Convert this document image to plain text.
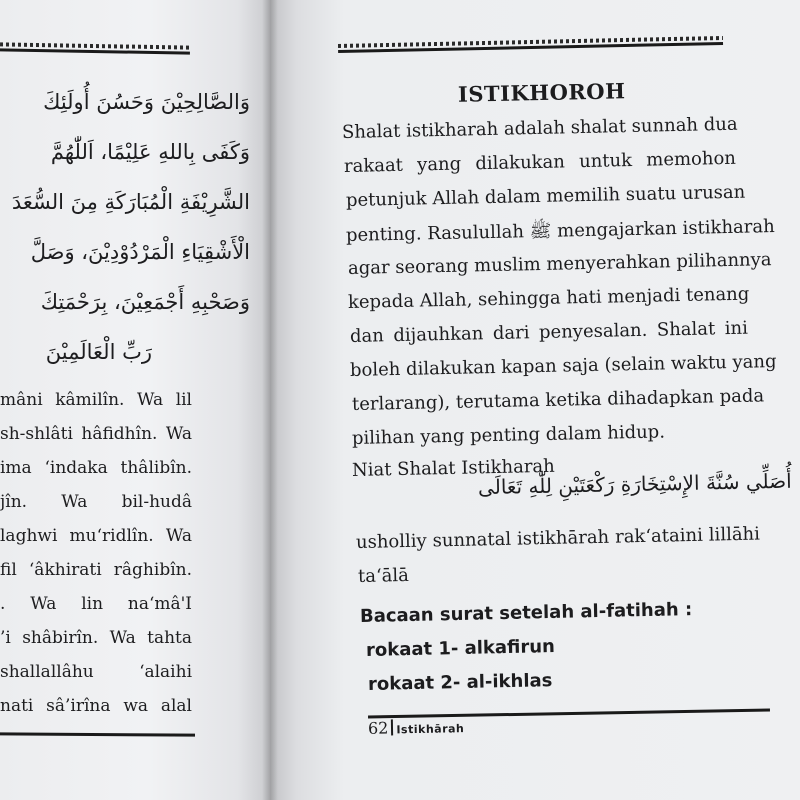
وَالصَّالِحِيْنَ وَحَسُنَ أُولَئِكَ
وَكَفَى بِاللهِ عَلِيْمًا، اَللّٰهُمَّ
الشَّرِيْفَةِ الْمُبَارَكَةِ مِنَ السُّعَدَ
الْأَشْقِيَاءِ الْمَرْدُوْدِيْنَ، وَصَلَّ
وَصَحْبِهِ أَجْمَعِيْنَ، بِرَحْمَتِكَ
رَبِّ الْعَالَمِيْنَ
mâni kâmilîn. Wa lil
sh-shlâti hâfidhîn. Wa
ima ‘indaka thâlibîn.
jîn. Wa bil-hudâ
laghwi mu‘ridlîn. Wa
fil ‘âkhirati râghibîn.
. Wa lin na‘mâ'I
’i shâbirîn. Wa tahta
shallallâhu ‘alaihi
nati sâ’irîna wa alal
ISTIKHOROH
Shalat istikharah adalah shalat sunnah dua
rakaat yang dilakukan untuk memohon
petunjuk Allah dalam memilih suatu urusan
penting. Rasulullah ﷺ mengajarkan istikharah
agar seorang muslim menyerahkan pilihannya
kepada Allah, sehingga hati menjadi tenang
dan dijauhkan dari penyesalan. Shalat ini
boleh dilakukan kapan saja (selain waktu yang
terlarang), terutama ketika dihadapkan pada
pilihan yang penting dalam hidup.
Niat Shalat Istikharah
أُصَلِّي سُنَّةَ الإِسْتِخَارَةِ رَكْعَتَيْنِ لِلّٰهِ تَعَالَى
usholliy sunnatal istikhārah rak‘ataini lillāhi
ta‘ālā
Bacaan surat setelah al-fatihah :
rokaat 1- alkafirun
rokaat 2- al-ikhlas
62 Istikhārah
